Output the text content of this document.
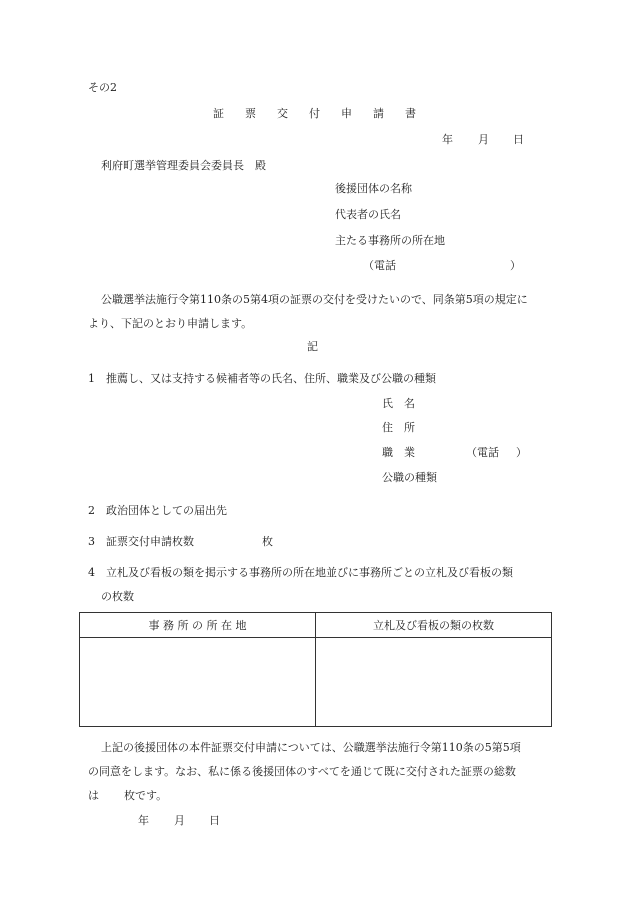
その2
証 票 交 付 申 請 書
年 月 日
利府町選挙管理委員会委員長　殿
後援団体の名称
代表者の氏名
主たる事務所の所在地
（電話	）
公職選挙法施行令第110条の5第4項の証票の交付を受けたいので、同条第5項の規定に
より、下記のとおり申請します。
記
1　推薦し、又は支持する候補者等の氏名、住所、職業及び公職の種類
氏　名
住　所
職　業	（電話 ）
公職の種類
2　政治団体としての届出先
3　証票交付申請枚数	枚
4　立札及び看板の類を掲示する事務所の所在地並びに事務所ごとの立札及び看板の類
の枚数
事 務 所 の 所 在 地	立札及び看板の類の枚数

上記の後援団体の本件証票交付申請については、公職選挙法施行令第110条の5第5項
の同意をします。なお、私に係る後援団体のすべてを通じて既に交付された証票の総数
は 枚です。
年 月 日
